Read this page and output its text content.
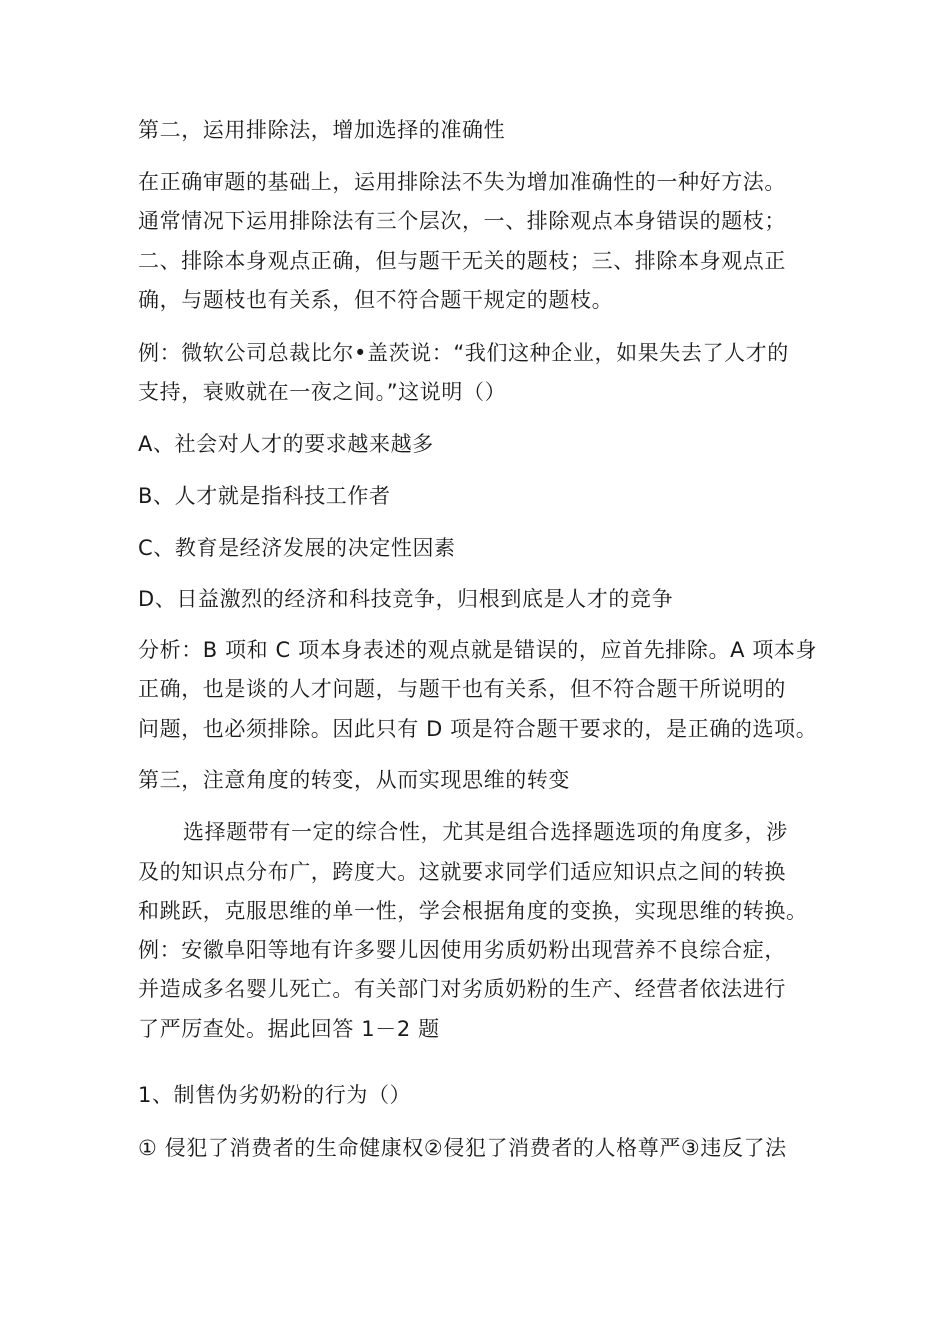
第二，运用排除法，增加选择的准确性
在正确审题的基础上，运用排除法不失为增加准确性的一种好方法。
通常情况下运用排除法有三个层次，一、排除观点本身错误的题枝；
二、排除本身观点正确，但与题干无关的题枝；三、排除本身观点正
确，与题枝也有关系，但不符合题干规定的题枝。
例：微软公司总裁比尔•盖茨说：“我们这种企业，如果失去了人才的
支持，衰败就在一夜之间。”这说明（）
A、社会对人才的要求越来越多
B、人才就是指科技工作者
C、教育是经济发展的决定性因素
D、日益激烈的经济和科技竞争，归根到底是人才的竞争
分析：B 项和 C 项本身表述的观点就是错误的，应首先排除。A 项本身
正确，也是谈的人才问题，与题干也有关系，但不符合题干所说明的
问题，也必须排除。因此只有 D 项是符合题干要求的，是正确的选项。
第三，注意角度的转变，从而实现思维的转变
选择题带有一定的综合性，尤其是组合选择题选项的角度多，涉
及的知识点分布广，跨度大。这就要求同学们适应知识点之间的转换
和跳跃，克服思维的单一性，学会根据角度的变换，实现思维的转换。
例：安徽阜阳等地有许多婴儿因使用劣质奶粉出现营养不良综合症，
并造成多名婴儿死亡。有关部门对劣质奶粉的生产、经营者依法进行
了严厉查处。据此回答 1－2 题
1、制售伪劣奶粉的行为（）
① 侵犯了消费者的生命健康权②侵犯了消费者的人格尊严③违反了法
